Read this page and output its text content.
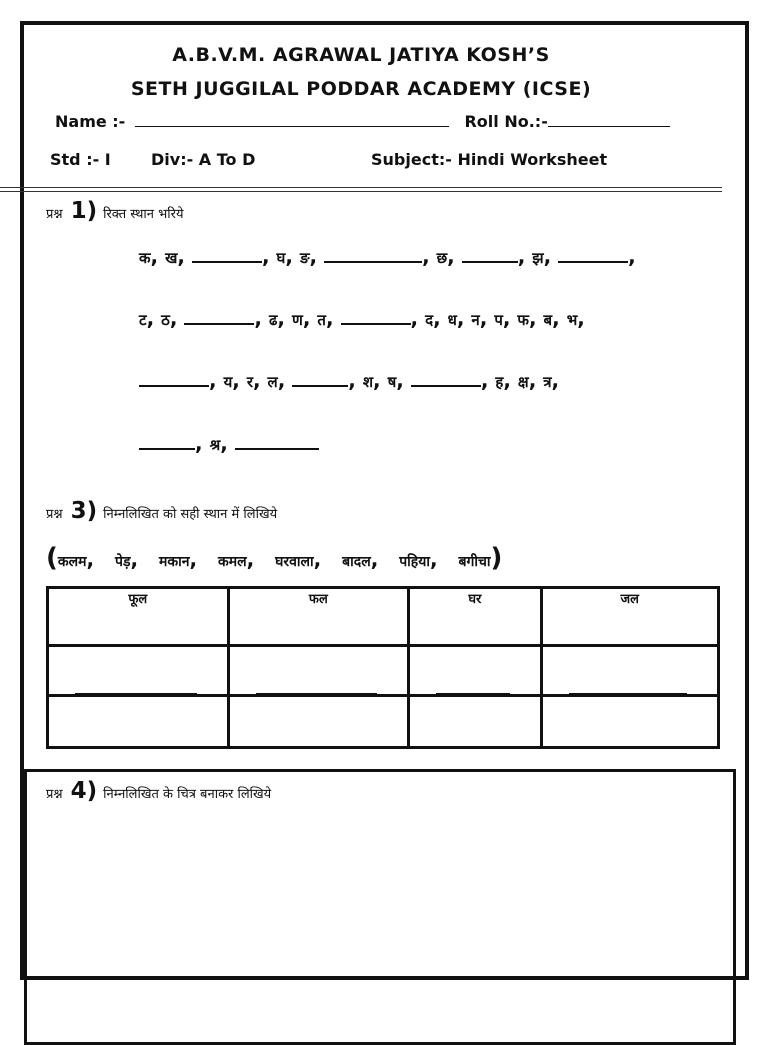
A.B.V.M. AGRAWAL JATIYA KOSH’S
SETH JUGGILAL PODDAR ACADEMY (ICSE)
Name :-	Roll No.:-
Std :- I	Div:- A To D	Subject:- Hindi Worksheet
प्रश्न 1) रिक्त स्थान भरिये
क, ख,	, घ, ङ,	, छ,	, झ,	,
ट, ठ,	, ढ, ण, त,	, द, ध, न, प, फ, ब, भ,
, य, र, ल,	, श, ष,	, ह, क्ष, त्र,
, श्र,
प्रश्न 3) निम्नलिखित को सही स्थान में लिखिये
(कलम,   पेड़,   मकान,   कमल,   घरवाला,   बादल,   पहिया,   बगीचा)
फूल	फल	घर	जल

प्रश्न 4) निम्नलिखित के चित्र बनाकर लिखिये
